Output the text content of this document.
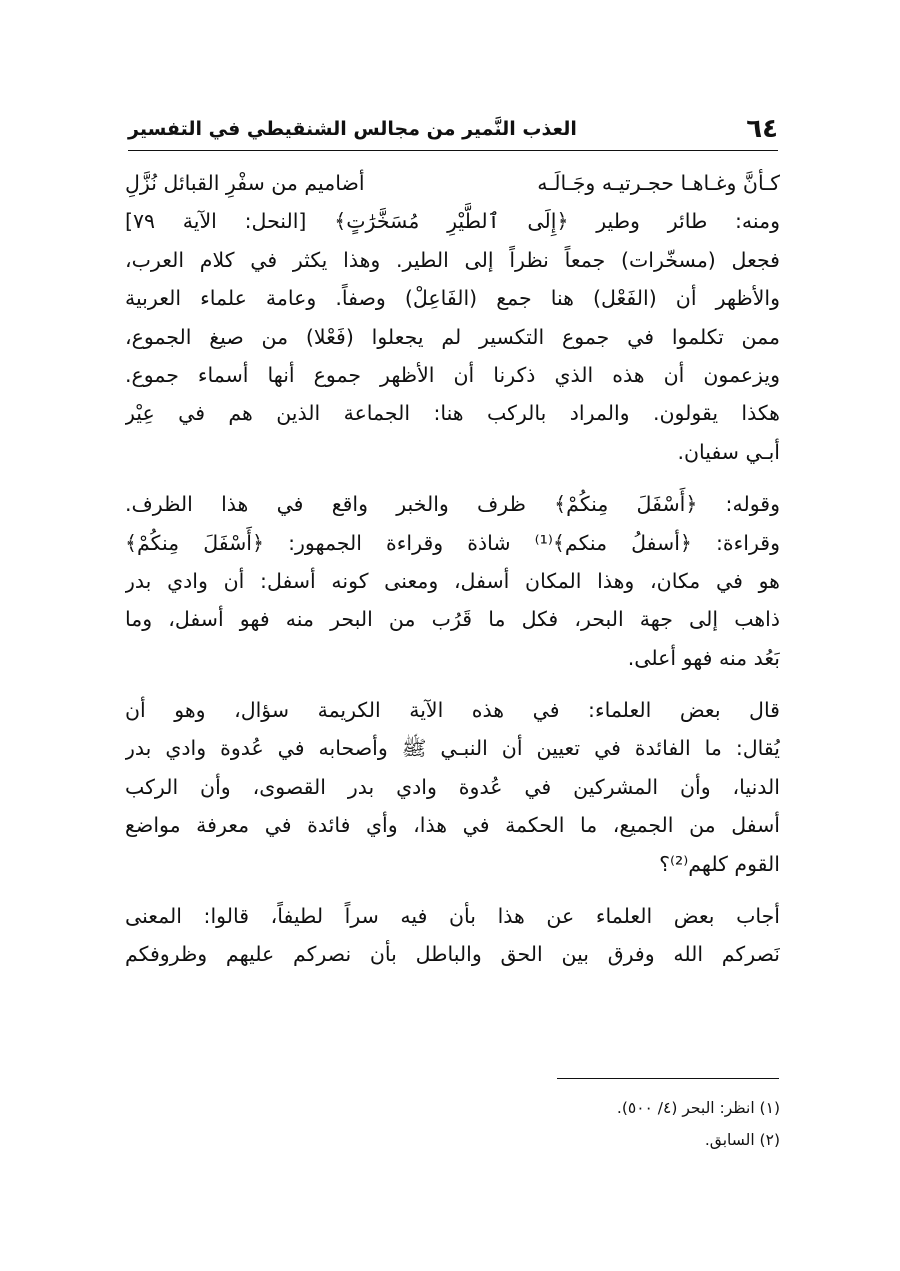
٦٤
العذب النَّمير من مجالس الشنقيطي في التفسير
كـأنَّ وغـاهـا حجـرتيـه وجَـالَـه
أضاميم من سفْرِ القبائل نُزَّلِ
ومنه: طائر وطير ﴿إِلَى ٱلطَّيْرِ مُسَخَّرَٰتٍ﴾ [النحل: الآية ٧٩]
فجعل (مسخّرات) جمعاً نظراً إلى الطير. وهذا يكثر في كلام العرب،
والأظهر أن (الفَعْل) هنا جمع (الفَاعِلْ) وصفاً. وعامة علماء العربية
ممن تكلموا في جموع التكسير لم يجعلوا (فَعْلا) من صيغ الجموع،
ويزعمون أن هذه الذي ذكرنا أن الأظهر جموع أنها أسماء جموع.
هكذا يقولون. والمراد بالركب هنا: الجماعة الذين هم في عِيْر
أبـي سفيان.
وقوله: ﴿أَسْفَلَ مِنكُمْ﴾ ظرف والخبر واقع في هذا الظرف.
وقراءة: ﴿أسفلُ منكم﴾⁽¹⁾ شاذة وقراءة الجمهور: ﴿أَسْفَلَ مِنكُمْ﴾
هو في مكان، وهذا المكان أسفل، ومعنى كونه أسفل: أن وادي بدر
ذاهب إلى جهة البحر، فكل ما قَرُب من البحر منه فهو أسفل، وما
بَعُد منه فهو أعلى.
قال بعض العلماء: في هذه الآية الكريمة سؤال، وهو أن
يُقال: ما الفائدة في تعيين أن النبـي ﷺ وأصحابه في عُدوة وادي بدر
الدنيا، وأن المشركين في عُدوة وادي بدر القصوى، وأن الركب
أسفل من الجميع، ما الحكمة في هذا، وأي فائدة في معرفة مواضع
القوم كلهم⁽²⁾؟
أجاب بعض العلماء عن هذا بأن فيه سراً لطيفاً، قالوا: المعنى
نَصركم الله وفرق بين الحق والباطل بأن نصركم عليهم وظروفكم
(١) انظر: البحر (٤/ ٥٠٠).
(٢) السابق.
